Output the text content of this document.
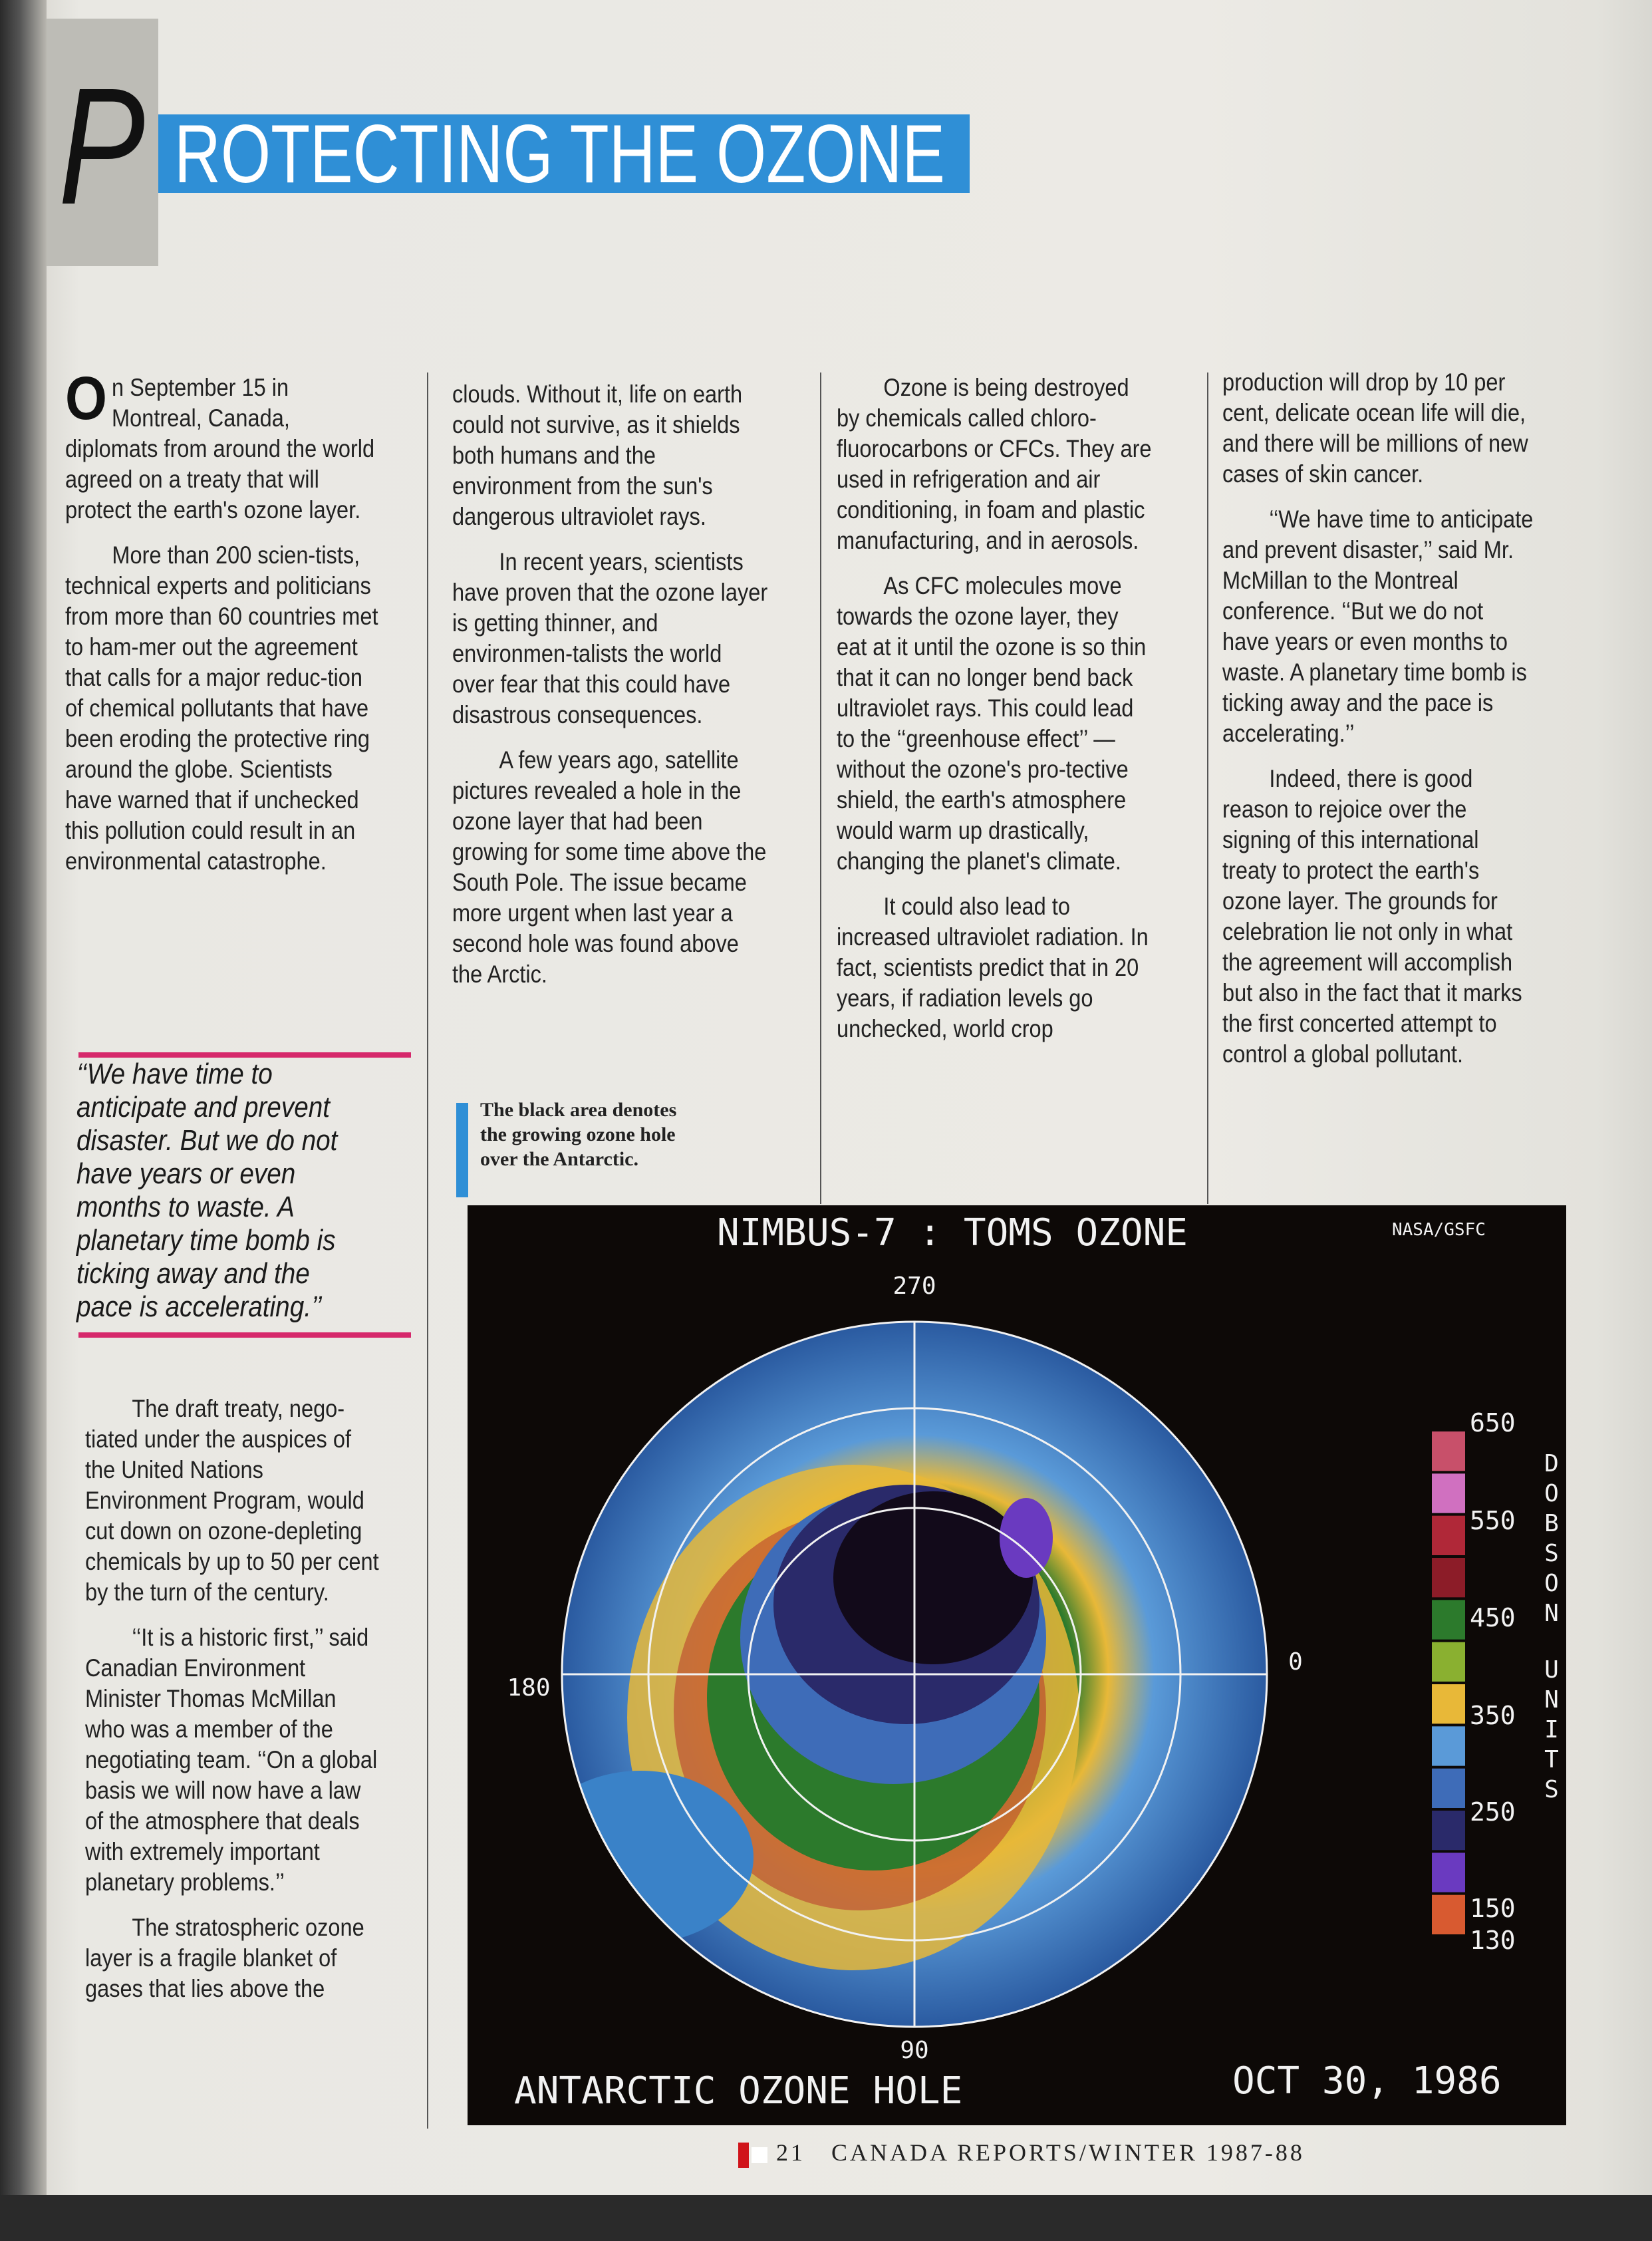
P ROTECTING THE OZONE

On September 15 in Montreal, Canada, diplomats from around the world agreed on a treaty that will protect the earth's ozone layer.

More than 200 scien-tists, technical experts and politicians from more than 60 countries met to ham-mer out the agreement that calls for a major reduc-tion of chemical pollutants that have been eroding the protective ring around the globe. Scientists have warned that if unchecked this pollution could result in an environmental catastrophe.

‘‘We have time to anticipate and prevent disaster. But we do not have years or even months to waste. A planetary time bomb is ticking away and the pace is accelerating.’’

The draft treaty, nego-tiated under the auspices of the United Nations Environment Program, would cut down on ozone-depleting chemicals by up to 50 per cent by the turn of the century.

‘‘It is a historic first,’’ said Canadian Environment Minister Thomas McMillan who was a member of the negotiating team. ‘‘On a global basis we will now have a law of the atmosphere that deals with extremely important planetary problems.’’

The stratospheric ozone layer is a fragile blanket of gases that lies above the

clouds. Without it, life on earth could not survive, as it shields both humans and the environment from the sun's dangerous ultraviolet rays.

In recent years, scientists have proven that the ozone layer is getting thinner, and environmen-talists the world over fear that this could have disastrous consequences.

A few years ago, satellite pictures revealed a hole in the ozone layer that had been growing for some time above the South Pole. The issue became more urgent when last year a second hole was found above the Arctic.

The black area denotes the growing ozone hole over the Antarctic.

Ozone is being destroyed by chemicals called chloro-fluorocarbons or CFCs. They are used in refrigeration and air conditioning, in foam and plastic manufacturing, and in aerosols.

As CFC molecules move towards the ozone layer, they eat at it until the ozone is so thin that it can no longer bend back ultraviolet rays. This could lead to the ‘‘greenhouse effect’’ — without the ozone's pro-tective shield, the earth's atmosphere would warm up drastically, changing the planet's climate.

It could also lead to increased ultraviolet radiation. In fact, scientists predict that in 20 years, if radiation levels go unchecked, world crop

production will drop by 10 per cent, delicate ocean life will die, and there will be millions of new cases of skin cancer.

‘‘We have time to anticipate and prevent disaster,’’ said Mr. McMillan to the Montreal conference. ‘‘But we do not have years or even months to waste. A planetary time bomb is ticking away and the pace is accelerating.’’

Indeed, there is good reason to rejoice over the signing of this international treaty to protect the earth's ozone layer. The grounds for celebration lie not only in what the agreement will accomplish but also in the fact that it marks the first concerted attempt to control a global pollutant.

270
180
0
90
NIMBUS-7 : TOMS OZONE	NASA/GSFC
ANTARCTIC OZONE HOLE	OCT 30, 1986
650
550
450
350
250
150
130
D O B S O N U N I T S
21 CANADA REPORTS/WINTER 1987-88
